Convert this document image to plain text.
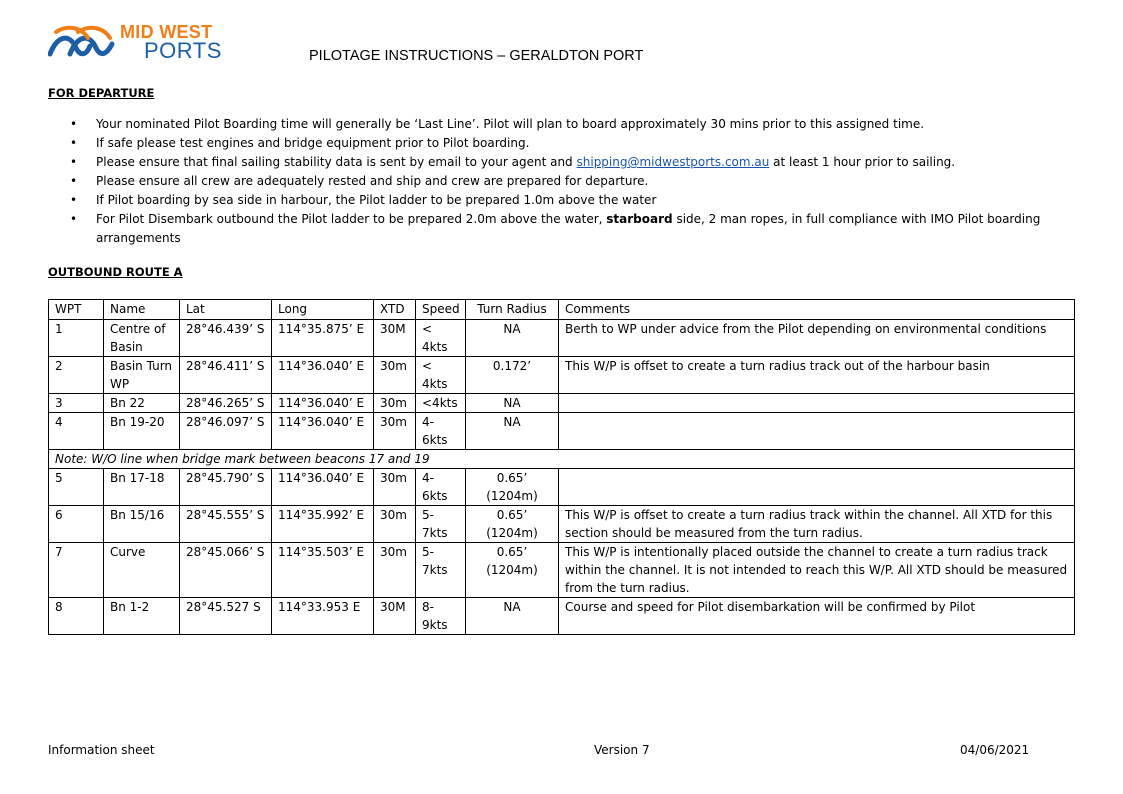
MID WEST
PORTS	PILOTAGE INSTRUCTIONS – GERALDTON PORT
FOR DEPARTURE
• Your nominated Pilot Boarding time will generally be ‘Last Line’. Pilot will plan to board approximately 30 mins prior to this assigned time.
• If safe please test engines and bridge equipment prior to Pilot boarding.
• Please ensure that final sailing stability data is sent by email to your agent and shipping@midwestports.com.au at least 1 hour prior to sailing.
• Please ensure all crew are adequately rested and ship and crew are prepared for departure.
• If Pilot boarding by sea side in harbour, the Pilot ladder to be prepared 1.0m above the water
• For Pilot Disembark outbound the Pilot ladder to be prepared 2.0m above the water, starboard side, 2 man ropes, in full compliance with IMO Pilot boarding arrangements
OUTBOUND ROUTE A
WPT	Name	Lat	Long	XTD	Speed	Turn Radius	Comments
1	Centre of Basin	28°46.439’ S	114°35.875’ E	30M	< 4kts	NA	Berth to WP under advice from the Pilot depending on environmental conditions
2	Basin Turn WP	28°46.411’ S	114°36.040’ E	30m	< 4kts	0.172’	This W/P is offset to create a turn radius track out of the harbour basin
3	Bn 22	28°46.265’ S	114°36.040’ E	30m	<4kts	NA	
4	Bn 19-20	28°46.097’ S	114°36.040’ E	30m	4-6kts	NA	
Note: W/O line when bridge mark between beacons 17 and 19							
5	Bn 17-18	28°45.790’ S	114°36.040’ E	30m	4-6kts	0.65’ (1204m)	
6	Bn 15/16	28°45.555’ S	114°35.992’ E	30m	5-7kts	0.65’ (1204m)	This W/P is offset to create a turn radius track within the channel. All XTD for this section should be measured from the turn radius.
7	Curve	28°45.066’ S	114°35.503’ E	30m	5-7kts	0.65’ (1204m)	This W/P is intentionally placed outside the channel to create a turn radius track within the channel. It is not intended to reach this W/P. All XTD should be measured from the turn radius.
8	Bn 1-2	28°45.527 S	114°33.953 E	30M	8-9kts	NA	Course and speed for Pilot disembarkation will be confirmed by Pilot
Information sheet	Version 7	04/06/2021
